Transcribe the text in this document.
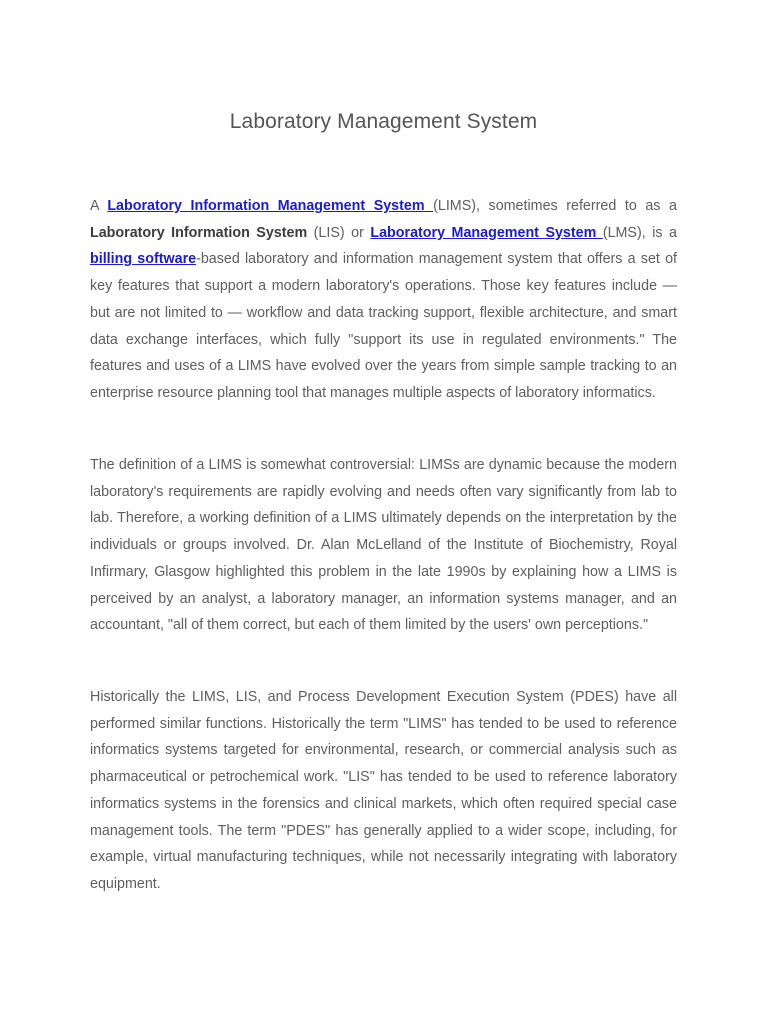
Laboratory Management System

A Laboratory Information Management System (LIMS), sometimes referred to as a Laboratory Information System (LIS) or Laboratory Management System (LMS), is a billing software-based laboratory and information management system that offers a set of key features that support a modern laboratory's operations. Those key features include — but are not limited to — workflow and data tracking support, flexible architecture, and smart data exchange interfaces, which fully "support its use in regulated environments." The features and uses of a LIMS have evolved over the years from simple sample tracking to an enterprise resource planning tool that manages multiple aspects of laboratory informatics.

The definition of a LIMS is somewhat controversial: LIMSs are dynamic because the modern laboratory's requirements are rapidly evolving and needs often vary significantly from lab to lab. Therefore, a working definition of a LIMS ultimately depends on the interpretation by the individuals or groups involved. Dr. Alan McLelland of the Institute of Biochemistry, Royal Infirmary, Glasgow highlighted this problem in the late 1990s by explaining how a LIMS is perceived by an analyst, a laboratory manager, an information systems manager, and an accountant, "all of them correct, but each of them limited by the users' own perceptions."

Historically the LIMS, LIS, and Process Development Execution System (PDES) have all performed similar functions. Historically the term "LIMS" has tended to be used to reference informatics systems targeted for environmental, research, or commercial analysis such as pharmaceutical or petrochemical work. "LIS" has tended to be used to reference laboratory informatics systems in the forensics and clinical markets, which often required special case management tools. The term "PDES" has generally applied to a wider scope, including, for example, virtual manufacturing techniques, while not necessarily integrating with laboratory equipment.
